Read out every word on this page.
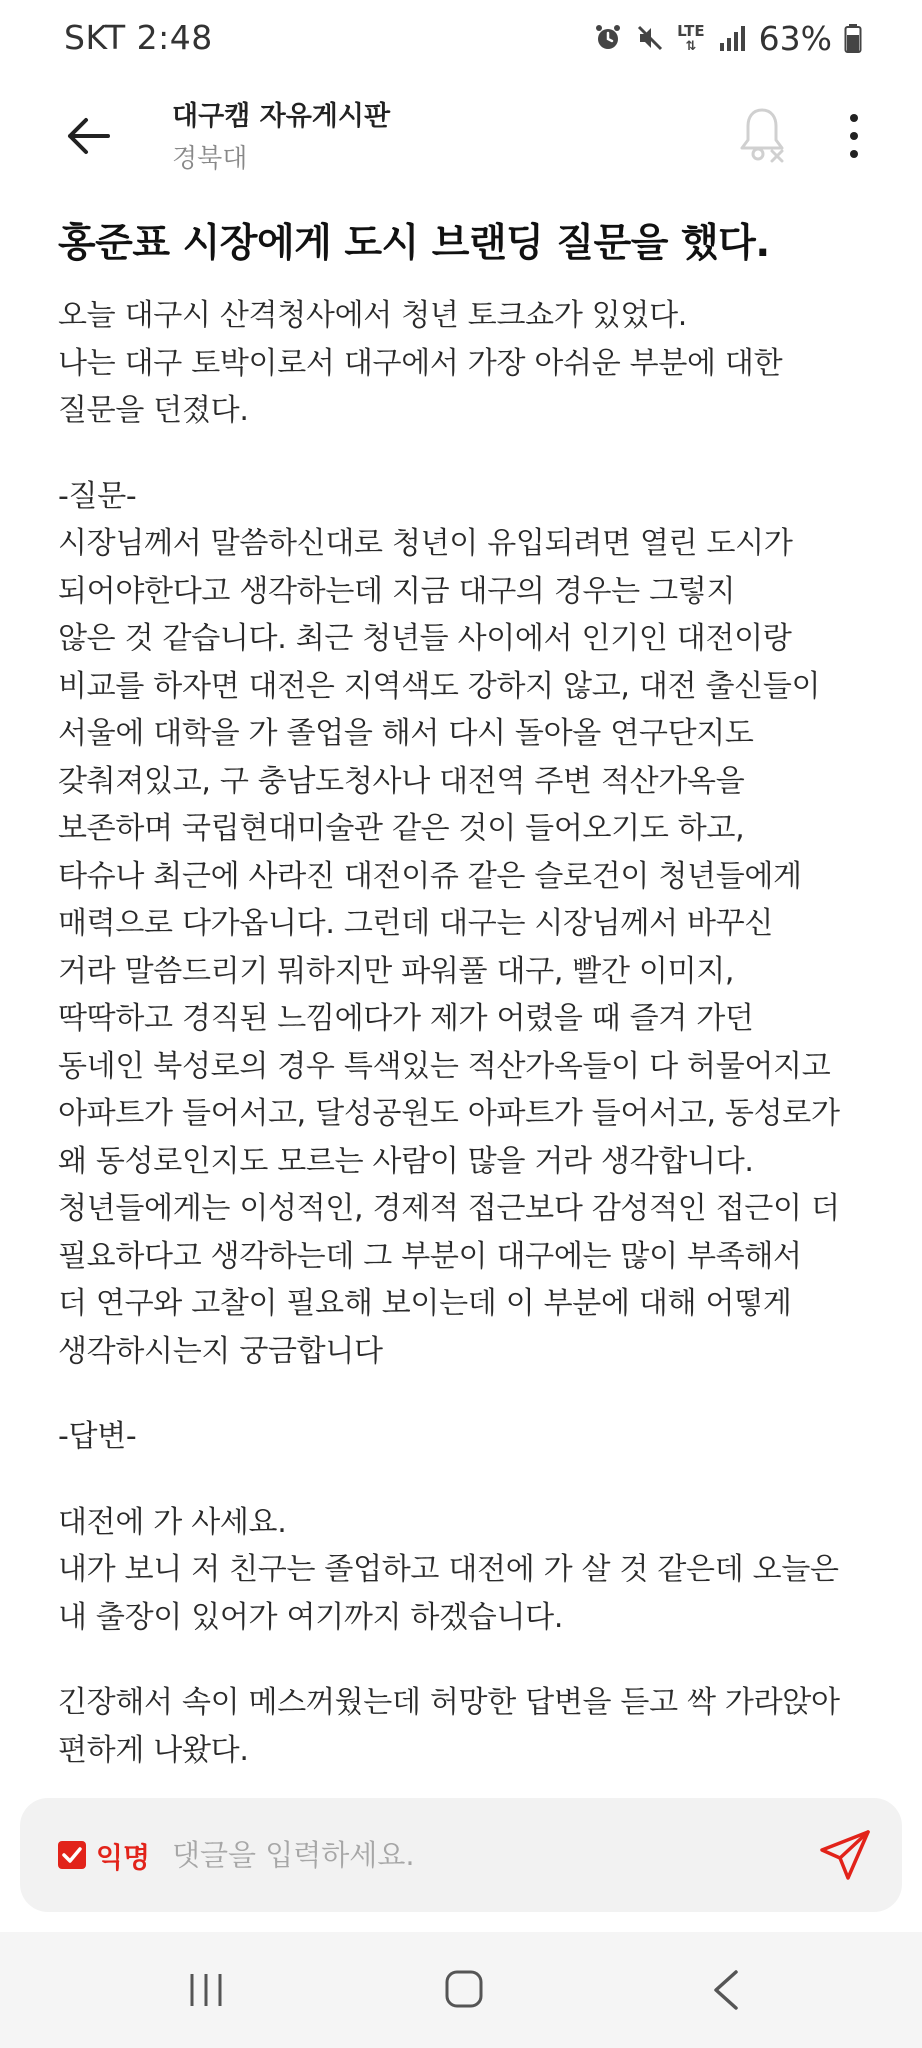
SKT 2:48	LTE
⇅ 63%
대구캠 자유게시판
경북대
홍준표 시장에게 도시 브랜딩 질문을 했다.
오늘 대구시 산격청사에서 청년 토크쇼가 있었다.
나는 대구 토박이로서 대구에서 가장 아쉬운 부분에 대한
질문을 던졌다.
-질문-
시장님께서 말씀하신대로 청년이 유입되려면 열린 도시가
되어야한다고 생각하는데 지금 대구의 경우는 그렇지
않은 것 같습니다. 최근 청년들 사이에서 인기인 대전이랑
비교를 하자면 대전은 지역색도 강하지 않고, 대전 출신들이
서울에 대학을 가 졸업을 해서 다시 돌아올 연구단지도
갖춰져있고, 구 충남도청사나 대전역 주변 적산가옥을
보존하며 국립현대미술관 같은 것이 들어오기도 하고,
타슈나 최근에 사라진 대전이쥬 같은 슬로건이 청년들에게
매력으로 다가옵니다. 그런데 대구는 시장님께서 바꾸신
거라 말씀드리기 뭐하지만 파워풀 대구, 빨간 이미지,
딱딱하고 경직된 느낌에다가 제가 어렸을 때 즐겨 가던
동네인 북성로의 경우 특색있는 적산가옥들이 다 허물어지고
아파트가 들어서고, 달성공원도 아파트가 들어서고, 동성로가
왜 동성로인지도 모르는 사람이 많을 거라 생각합니다.
청년들에게는 이성적인, 경제적 접근보다 감성적인 접근이 더
필요하다고 생각하는데 그 부분이 대구에는 많이 부족해서
더 연구와 고찰이 필요해 보이는데 이 부분에 대해 어떻게
생각하시는지 궁금합니다
-답변-
대전에 가 사세요.
내가 보니 저 친구는 졸업하고 대전에 가 살 것 같은데 오늘은
내 출장이 있어가 여기까지 하겠습니다.
긴장해서 속이 메스꺼웠는데 허망한 답변을 듣고 싹 가라앉아
편하게 나왔다.
익명
댓글을 입력하세요.
